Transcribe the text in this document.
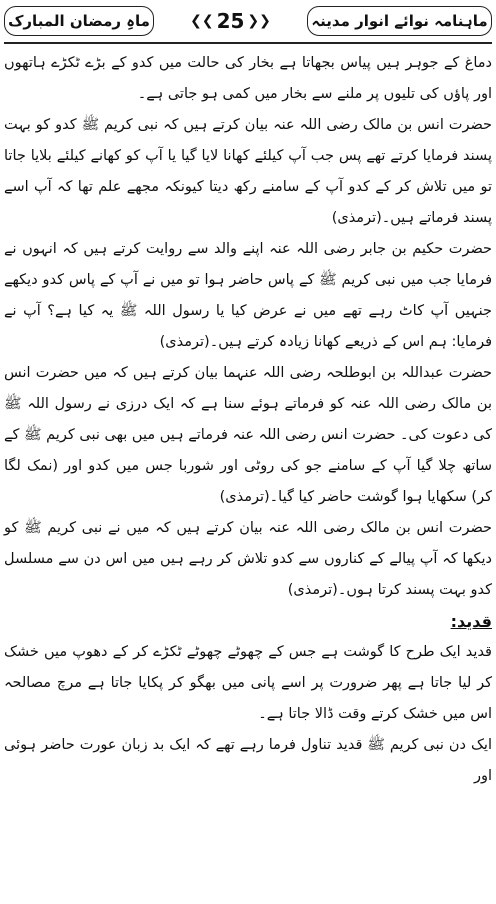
ماہِ رمضان المبارک	❮❮ 25 ❯❯	ماہنامہ نوائے انوار مدینہ

دماغ کے جوہر ہیں پیاس بجھاتا ہے بخار کی حالت میں کدو کے بڑے ٹکڑے ہاتھوں اور پاؤں کی تلیوں پر ملنے سے بخار میں کمی ہو جاتی ہے۔

حضرت انس بن مالک رضی اللہ عنہ بیان کرتے ہیں کہ نبی کریم ﷺ کدو کو بہت پسند فرمایا کرتے تھے پس جب آپ کیلئے کھانا لایا گیا یا آپ کو کھانے کیلئے بلایا جاتا تو میں تلاش کر کے کدو آپ کے سامنے رکھ دیتا کیونکہ مجھے علم تھا کہ آپ اسے پسند فرماتے ہیں۔(ترمذی)

حضرت حکیم بن جابر رضی اللہ عنہ اپنے والد سے روایت کرتے ہیں کہ انہوں نے فرمایا جب میں نبی کریم ﷺ کے پاس حاضر ہوا تو میں نے آپ کے پاس کدو دیکھے جنہیں آپ کاٹ رہے تھے میں نے عرض کیا یا رسول اللہ ﷺ یہ کیا ہے؟ آپ نے فرمایا: ہم اس کے ذریعے کھانا زیادہ کرتے ہیں۔(ترمذی)

حضرت عبداللہ بن ابوطلحہ رضی اللہ عنہما بیان کرتے ہیں کہ میں حضرت انس بن مالک رضی اللہ عنہ کو فرماتے ہوئے سنا ہے کہ ایک درزی نے رسول اللہ ﷺ کی دعوت کی۔ حضرت انس رضی اللہ عنہ فرماتے ہیں میں بھی نبی کریم ﷺ کے ساتھ چلا گیا آپ کے سامنے جو کی روٹی اور شوربا جس میں کدو اور (نمک لگا کر) سکھایا ہوا گوشت حاضر کیا گیا۔(ترمذی)

حضرت انس بن مالک رضی اللہ عنہ بیان کرتے ہیں کہ میں نے نبی کریم ﷺ کو دیکھا کہ آپ پیالے کے کناروں سے کدو تلاش کر رہے ہیں میں اس دن سے مسلسل کدو بہت پسند کرتا ہوں۔(ترمذی)

قدید:

قدید ایک طرح کا گوشت ہے جس کے چھوٹے چھوٹے ٹکڑے کر کے دھوپ میں خشک کر لیا جاتا ہے پھر ضرورت پر اسے پانی میں بھگو کر پکایا جاتا ہے مرچ مصالحہ اس میں خشک کرتے وقت ڈالا جاتا ہے۔

ایک دن نبی کریم ﷺ قدید تناول فرما رہے تھے کہ ایک بد زبان عورت حاضر ہوئی اور
